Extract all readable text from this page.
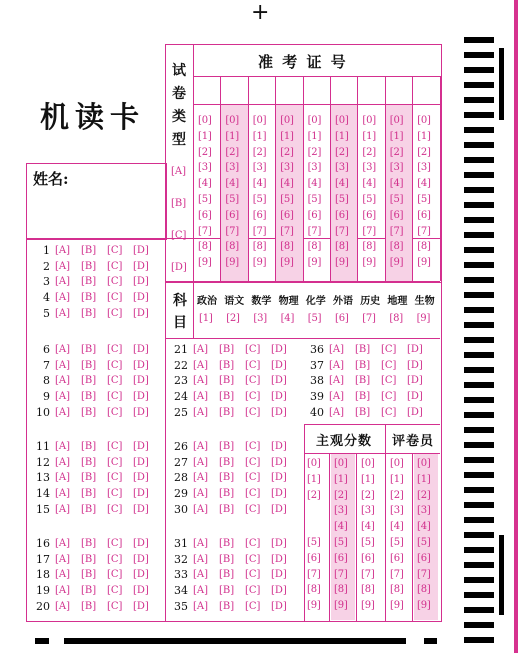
+
机读卡
姓名:
试
卷
类
型
[A]
[B]
[C]
[D]
准 考 证 号
[0]
[1]
[2]
[3]
[4]
[5]
[6]
[7]
[8]
[9]
[0]
[1]
[2]
[3]
[4]
[5]
[6]
[7]
[8]
[9]
[0]
[1]
[2]
[3]
[4]
[5]
[6]
[7]
[8]
[9]
[0]
[1]
[2]
[3]
[4]
[5]
[6]
[7]
[8]
[9]
[0]
[1]
[2]
[3]
[4]
[5]
[6]
[7]
[8]
[9]
[0]
[1]
[2]
[3]
[4]
[5]
[6]
[7]
[8]
[9]
[0]
[1]
[2]
[3]
[4]
[5]
[6]
[7]
[8]
[9]
[0]
[1]
[2]
[3]
[4]
[5]
[6]
[7]
[8]
[9]
[0]
[1]
[2]
[3]
[4]
[5]
[6]
[7]
[8]
[9]
科
目
政治
[1]
语文
[2]
数学
[3]
物理
[4]
化学
[5]
外语
[6]
历史
[7]
地理
[8]
生物
[9]
1 [A] [B] [C] [D]
2 [A] [B] [C] [D]
3 [A] [B] [C] [D]
4 [A] [B] [C] [D]
5 [A] [B] [C] [D]
6 [A] [B] [C] [D]
7 [A] [B] [C] [D]
8 [A] [B] [C] [D]
9 [A] [B] [C] [D]
10 [A] [B] [C] [D]
11 [A] [B] [C] [D]
12 [A] [B] [C] [D]
13 [A] [B] [C] [D]
14 [A] [B] [C] [D]
15 [A] [B] [C] [D]
16 [A] [B] [C] [D]
17 [A] [B] [C] [D]
18 [A] [B] [C] [D]
19 [A] [B] [C] [D]
20 [A] [B] [C] [D]
21 [A] [B] [C] [D]
22 [A] [B] [C] [D]
23 [A] [B] [C] [D]
24 [A] [B] [C] [D]
25 [A] [B] [C] [D]
26 [A] [B] [C] [D]
27 [A] [B] [C] [D]
28 [A] [B] [C] [D]
29 [A] [B] [C] [D]
30 [A] [B] [C] [D]
31 [A] [B] [C] [D]
32 [A] [B] [C] [D]
33 [A] [B] [C] [D]
34 [A] [B] [C] [D]
35 [A] [B] [C] [D]
36 [A] [B] [C] [D]
37 [A] [B] [C] [D]
38 [A] [B] [C] [D]
39 [A] [B] [C] [D]
40 [A] [B] [C] [D]
主观分数 评卷员
[0]
[1]
[2]
[5]
[6]
[7]
[8]
[9]
[0]
[1]
[2]
[3]
[4]
[5]
[6]
[7]
[8]
[9]
[0]
[1]
[2]
[3]
[4]
[5]
[6]
[7]
[8]
[9]
[0]
[1]
[2]
[3]
[4]
[5]
[6]
[7]
[8]
[9]
[0]
[1]
[2]
[3]
[4]
[5]
[6]
[7]
[8]
[9]
